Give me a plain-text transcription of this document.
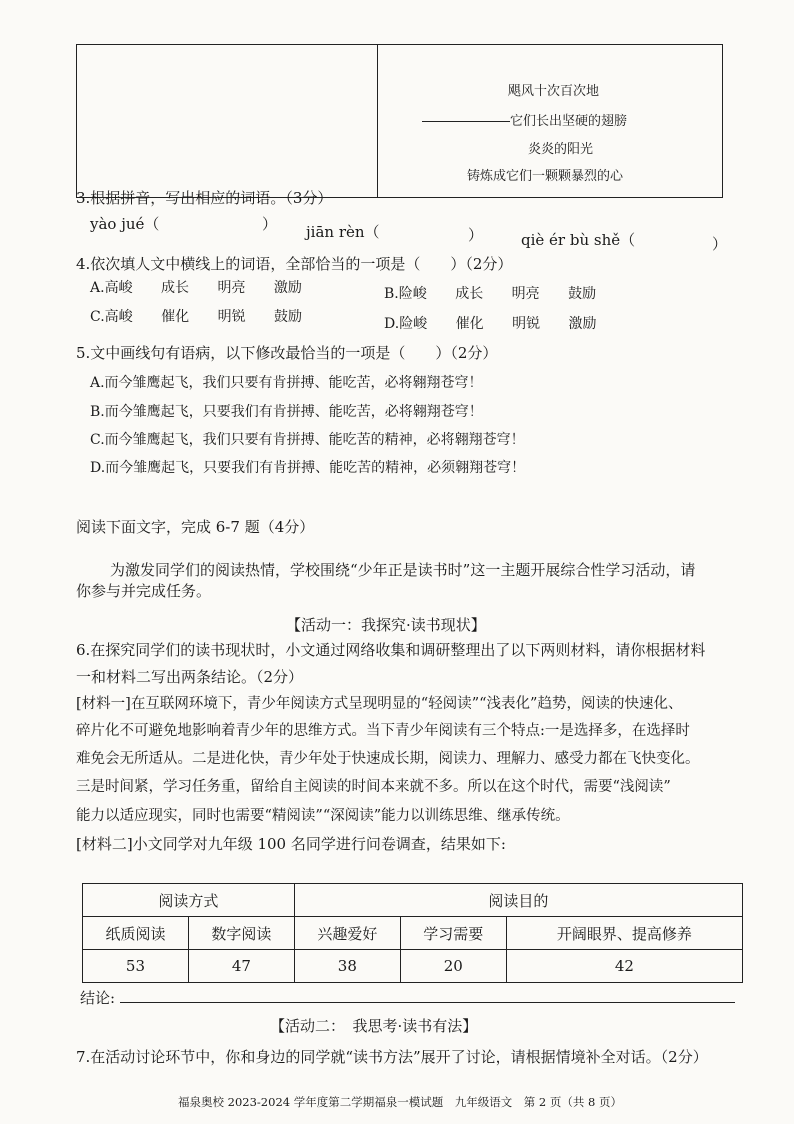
飓风十次百次地
它们长出坚硬的翅膀
炎炎的阳光
铸炼成它们一颗颗暴烈的心
3.根据拼音，写出相应的词语。（3分）
yào jué（	） jiān rèn（	）	qiè ér bù shě（	）
4.依次填人文中横线上的词语，全部恰当的一项是（　　）（2分）
A.高峻 成长 明亮 激励	B.险峻 成长 明亮 鼓励
C.高峻 催化 明锐 鼓励	D.险峻 催化 明锐 激励
5.文中画线句有语病，以下修改最恰当的一项是（　　）（2分）
A.而今雏鹰起飞，我们只要有肯拼搏、能吃苦，必将翱翔苍穹！
B.而今雏鹰起飞，只要我们有肯拼搏、能吃苦，必将翱翔苍穹！
C.而今雏鹰起飞，我们只要有肯拼搏、能吃苦的精神，必将翱翔苍穹！
D.而今雏鹰起飞，只要我们有肯拼搏、能吃苦的精神，必须翱翔苍穹！
阅读下面文字，完成 6-7 题（4分）
为激发同学们的阅读热情，学校围绕“少年正是读书时”这一主题开展综合性学习活动，请
你参与并完成任务。
【活动一：我探究·读书现状】
6.在探究同学们的读书现状时，小文通过网络收集和调研整理出了以下两则材料，请你根据材料
一和材料二写出两条结论。（2分）
[材料一]在互联网环境下，青少年阅读方式呈现明显的“轻阅读”“浅表化”趋势，阅读的快速化、
碎片化不可避免地影响着青少年的思维方式。当下青少年阅读有三个特点:一是选择多，在选择时
难免会无所适从。二是进化快，青少年处于快速成长期，阅读力、理解力、感受力都在飞快变化。
三是时间紧，学习任务重，留给自主阅读的时间本来就不多。所以在这个时代，需要“浅阅读”
能力以适应现实，同时也需要“精阅读”“深阅读”能力以训练思维、继承传统。
[材料二]小文同学对九年级 100 名同学进行问卷调查，结果如下:
阅读方式		阅读目的		
纸质阅读	数字阅读	兴趣爱好	学习需要	开阔眼界、提高修养
53	47	38	20	42
结论:
【活动二：　我思考·读书有法】
7.在活动讨论环节中，你和身边的同学就“读书方法”展开了讨论，请根据情境补全对话。（2分）
福泉奥校 2023-2024 学年度第二学期福泉一模试题　九年级语文　第 2 页（共 8 页）
